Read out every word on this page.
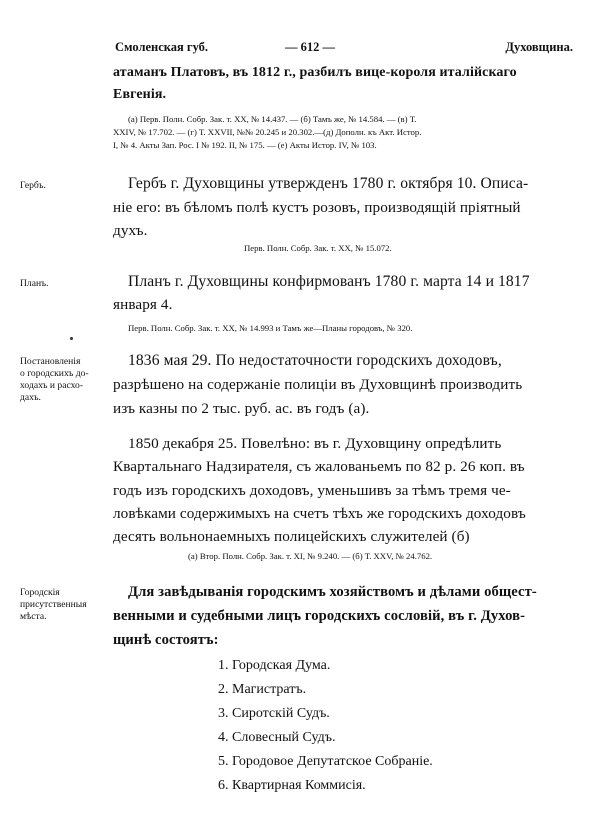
Смоленская губ.	— 612 —	Духовщина.
атаманъ Платовъ, въ 1812 г., разбилъ вице-короля италійскаго
Евгенія.
(а) Перв. Полн. Собр. Зак. т. XX, № 14.437. — (б) Тамъ же, № 14.584. — (в) Т.
XXIV, № 17.702. — (г) Т. XXVII, №№ 20.245 и 20.302.—(д) Дополн. къ Акт. Истор.
I, № 4. Акты Зап. Рос. I № 192. II, № 175. — (е) Акты Истор. IV, № 103.
Гербъ.	Гербъ г. Духовщины утвержденъ 1780 г. октября 10. Описа-
ніе его: въ бѣломъ полѣ кустъ розовъ, производящій пріятный
духъ.
Перв. Полн. Собр. Зак. т. XX, № 15.072.
Планъ.	Планъ г. Духовщины конфирмованъ 1780 г. марта 14 и 1817
января 4.
Перв. Полн. Собр. Зак. т. XX, № 14.993 и Тамъ же—Планы городовъ, № 320.
Постановленія
о городскихъ до-
ходахъ и расхо-
дахъ.
1836 мая 29. По недостаточности городскихъ доходовъ,
разрѣшено на содержаніе полиціи въ Духовщинѣ производить
изъ казны по 2 тыс. руб. ас. въ годъ (а).
1850 декабря 25. Повелѣно: въ г. Духовщину опредѣлить
Квартальнаго Надзирателя, съ жалованьемъ по 82 р. 26 коп. въ
годъ изъ городскихъ доходовъ, уменьшивъ за тѣмъ тремя че-
ловѣками содержимыхъ на счетъ тѣхъ же городскихъ доходовъ
десять вольнонаемныхъ полицейскихъ служителей (б)
(а) Втор. Полн. Собр. Зак. т. XI, № 9.240. — (б) Т. XXV, № 24.762.
Городскія
присутственныя
мѣста.
Для завѣдыванія городскимъ хозяйствомъ и дѣлами общест-
венными и судебными лицъ городскихъ сословій, въ г. Духов-
щинѣ состоятъ:
1. Городская Дума.
2. Магистратъ.
3. Сиротскій Судъ.
4. Словесный Судъ.
5. Городовое Депутатское Собраніе.
6. Квартирная Коммисія.
